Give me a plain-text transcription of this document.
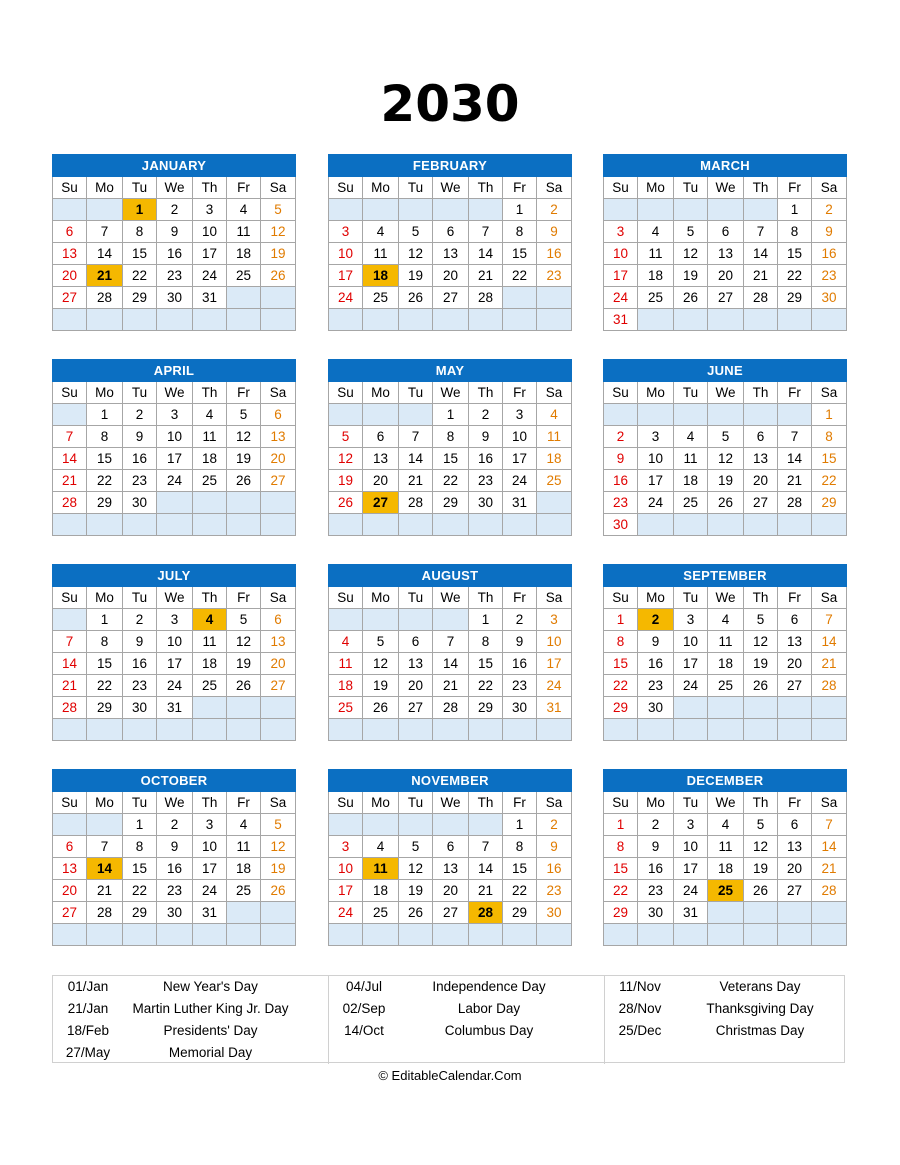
2030
JANUARY						
Su	Mo	Tu	We	Th	Fr	Sa
		1	2	3	4	5
6	7	8	9	10	11	12
13	14	15	16	17	18	19
20	21	22	23	24	25	26
27	28	29	30	31		

FEBRUARY						
Su	Mo	Tu	We	Th	Fr	Sa
					1	2
3	4	5	6	7	8	9
10	11	12	13	14	15	16
17	18	19	20	21	22	23
24	25	26	27	28		

MARCH						
Su	Mo	Tu	We	Th	Fr	Sa
					1	2
3	4	5	6	7	8	9
10	11	12	13	14	15	16
17	18	19	20	21	22	23
24	25	26	27	28	29	30
31						
APRIL						
Su	Mo	Tu	We	Th	Fr	Sa
	1	2	3	4	5	6
7	8	9	10	11	12	13
14	15	16	17	18	19	20
21	22	23	24	25	26	27
28	29	30				

MAY						
Su	Mo	Tu	We	Th	Fr	Sa
			1	2	3	4
5	6	7	8	9	10	11
12	13	14	15	16	17	18
19	20	21	22	23	24	25
26	27	28	29	30	31	

JUNE						
Su	Mo	Tu	We	Th	Fr	Sa
						1
2	3	4	5	6	7	8
9	10	11	12	13	14	15
16	17	18	19	20	21	22
23	24	25	26	27	28	29
30						
JULY						
Su	Mo	Tu	We	Th	Fr	Sa
	1	2	3	4	5	6
7	8	9	10	11	12	13
14	15	16	17	18	19	20
21	22	23	24	25	26	27
28	29	30	31			

AUGUST						
Su	Mo	Tu	We	Th	Fr	Sa
				1	2	3
4	5	6	7	8	9	10
11	12	13	14	15	16	17
18	19	20	21	22	23	24
25	26	27	28	29	30	31

SEPTEMBER						
Su	Mo	Tu	We	Th	Fr	Sa
1	2	3	4	5	6	7
8	9	10	11	12	13	14
15	16	17	18	19	20	21
22	23	24	25	26	27	28
29	30					

OCTOBER						
Su	Mo	Tu	We	Th	Fr	Sa
		1	2	3	4	5
6	7	8	9	10	11	12
13	14	15	16	17	18	19
20	21	22	23	24	25	26
27	28	29	30	31		

NOVEMBER						
Su	Mo	Tu	We	Th	Fr	Sa
					1	2
3	4	5	6	7	8	9
10	11	12	13	14	15	16
17	18	19	20	21	22	23
24	25	26	27	28	29	30

DECEMBER						
Su	Mo	Tu	We	Th	Fr	Sa
1	2	3	4	5	6	7
8	9	10	11	12	13	14
15	16	17	18	19	20	21
22	23	24	25	26	27	28
29	30	31				

01/Jan	New Year's Day
21/Jan	Martin Luther King Jr. Day
18/Feb	Presidents' Day
27/May	Memorial Day
04/Jul	Independence Day
02/Sep	Labor Day
14/Oct	Columbus Day
11/Nov	Veterans Day
28/Nov	Thanksgiving Day
25/Dec	Christmas Day
© EditableCalendar.Com
